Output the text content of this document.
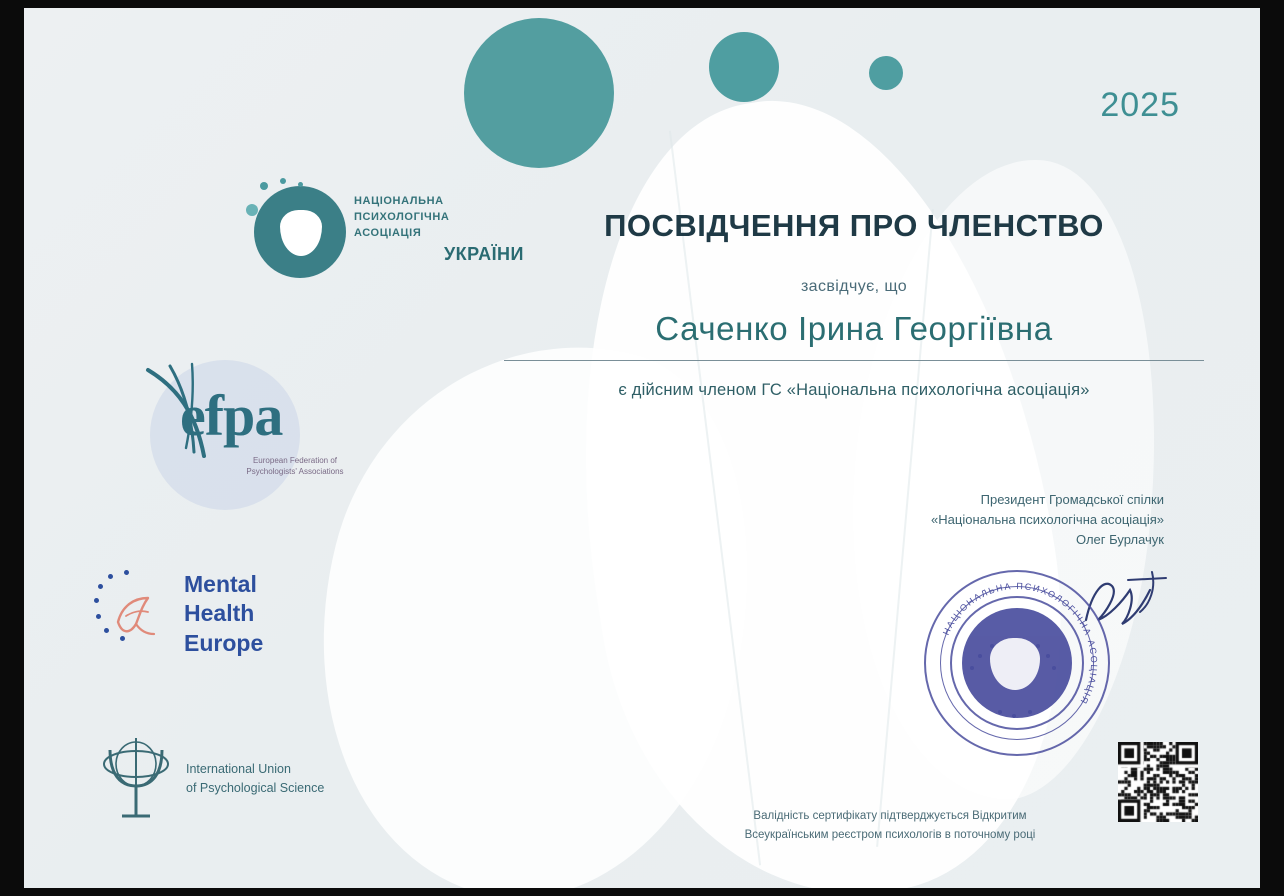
2025
ПОСВІДЧЕННЯ ПРО ЧЛЕНСТВО
засвідчує, що
Саченко Ірина Георгіївна
є дійсним членом ГС «Національна психологічна асоціація»
Президент Громадської спілки
«Національна психологічна асоціація»
Олег Бурлачук
НАЦІОНАЛЬНА ПСИХОЛОГІЧНА АСОЦІАЦІЯ
Валідність сертифікату підтверджується Відкритим
Всеукраїнським реєстром психологів в поточному році
НАЦІОНАЛЬНА
ПСИХОЛОГІЧНА
АСОЦІАЦІЯ
УКРАЇНИ
efpa
European Federation of
Psychologists' Associations
Mental
Health
Europe
International Union
of Psychological Science
